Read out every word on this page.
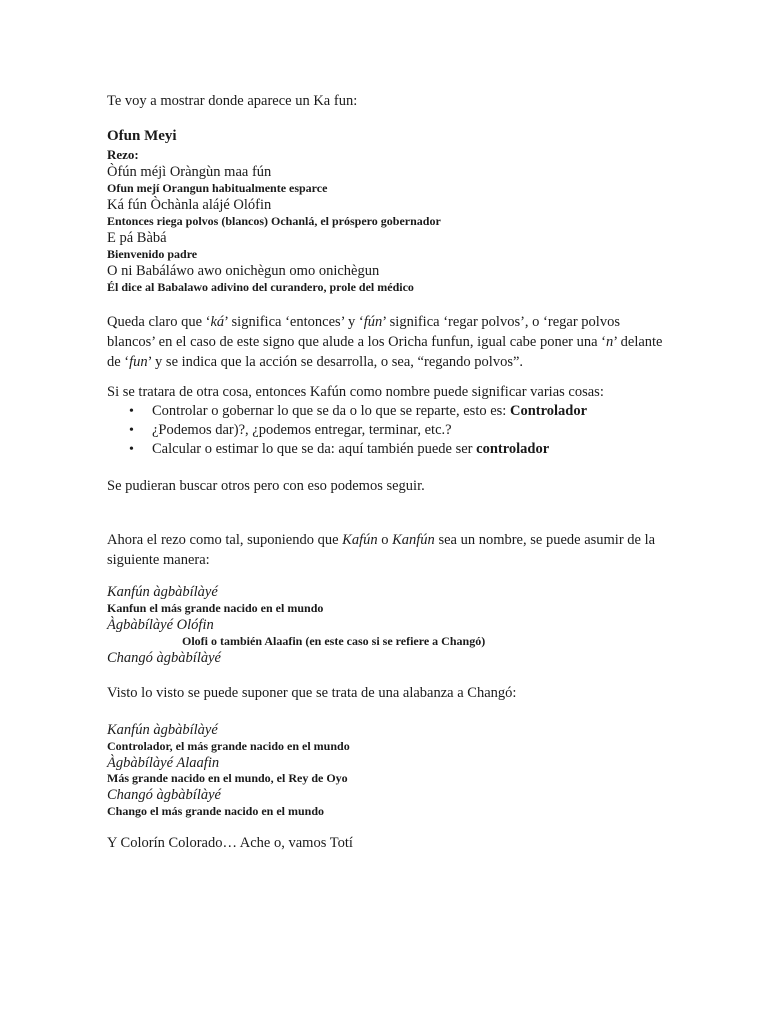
Te voy a mostrar donde aparece un Ka fun:
Ofun Meyi
Rezo:
Òfún méjì Oràngùn maa fún
Ofun mejí Orangun habitualmente esparce
Ká fún Òchànla alájé Olófin
Entonces riega polvos (blancos) Ochanlá, el próspero gobernador
E pá Bàbá
Bienvenido padre
O ni Babáláwo awo onichègun omo onichègun
Él dice al Babalawo adivino del curandero, prole del médico
Queda claro que ‘ká’ significa ‘entonces’ y ‘fún’ significa ‘regar polvos’, o ‘regar polvos blancos’ en el caso de este signo que alude a los Oricha funfun, igual cabe poner una ‘n’ delante de ‘fun’ y se indica que la acción se desarrolla, o sea, “regando polvos”.
Si se tratara de otra cosa, entonces Kafún como nombre puede significar varias cosas:
• Controlar o gobernar lo que se da o lo que se reparte, esto es: Controlador
• ¿Podemos dar)?, ¿podemos entregar, terminar, etc.?
• Calcular o estimar lo que se da: aquí también puede ser controlador
Se pudieran buscar otros pero con eso podemos seguir.
Ahora el rezo como tal, suponiendo que Kafún o Kanfún sea un nombre, se puede asumir de la siguiente manera:
Kanfún àgbàbílàyé
Kanfun el más grande nacido en el mundo
Àgbàbílàyé Olófin
Olofi o también Alaafin (en este caso si se refiere a Changó)
Changó àgbàbílàyé
Visto lo visto se puede suponer que se trata de una alabanza a Changó:
Kanfún àgbàbílàyé
Controlador, el más grande nacido en el mundo
Àgbàbílàyé Alaafin
Más grande nacido en el mundo, el Rey de Oyo
Changó àgbàbílàyé
Chango el más grande nacido en el mundo
Y Colorín Colorado… Ache o, vamos Totí
